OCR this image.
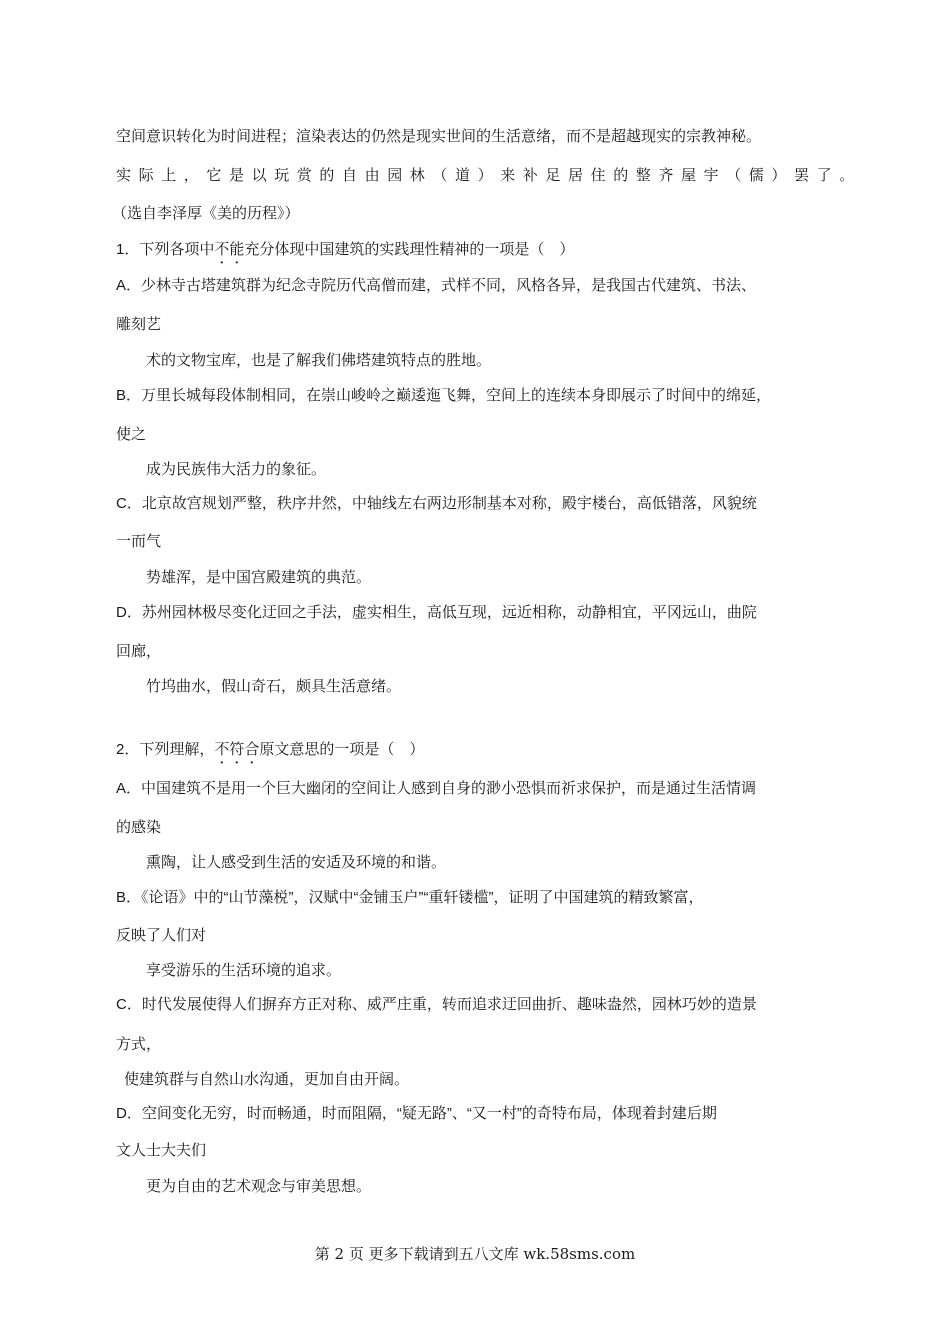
空间意识转化为时间进程；渲染表达的仍然是现实世间的生活意绪，而不是超越现实的宗教神秘。
实际上，它是以玩赏的自由园林（道）来补足居住的整齐屋宇（儒）罢了。
（选自李泽厚《美的历程》）
1．下列各项中不能充分体现中国建筑的实践理性精神的一项是（　）
A．少林寺古塔建筑群为纪念寺院历代高僧而建，式样不同，风格各异，是我国古代建筑、书法、
雕刻艺
术的文物宝库，也是了解我们佛塔建筑特点的胜地。
B．万里长城每段体制相同，在崇山峻岭之巅逶迤飞舞，空间上的连续本身即展示了时间中的绵延，
使之
成为民族伟大活力的象征。
C．北京故宫规划严整，秩序井然，中轴线左右两边形制基本对称，殿宇楼台，高低错落，风貌统
一而气
势雄浑，是中国宫殿建筑的典范。
D．苏州园林极尽变化迂回之手法，虚实相生，高低互现，远近相称，动静相宜，平冈远山，曲院
回廊，
竹坞曲水，假山奇石，颇具生活意绪。
2．下列理解，不符合原文意思的一项是（　）
A．中国建筑不是用一个巨大幽闭的空间让人感到自身的渺小恐惧而祈求保护，而是通过生活情调
的感染
熏陶，让人感受到生活的安适及环境的和谐。
B．《论语》中的“山节藻棁”，汉赋中“金铺玉户”“重轩镂槛”，证明了中国建筑的精致繁富，
反映了人们对
享受游乐的生活环境的追求。
C．时代发展使得人们摒弃方正对称、威严庄重，转而追求迂回曲折、趣味盎然，园林巧妙的造景
方式，
使建筑群与自然山水沟通，更加自由开阔。
D．空间变化无穷，时而畅通，时而阻隔，“疑无路”、“又一村”的奇特布局，体现着封建后期
文人士大夫们
更为自由的艺术观念与审美思想。
第 2 页 更多下载请到五八文库 wk.58sms.com
